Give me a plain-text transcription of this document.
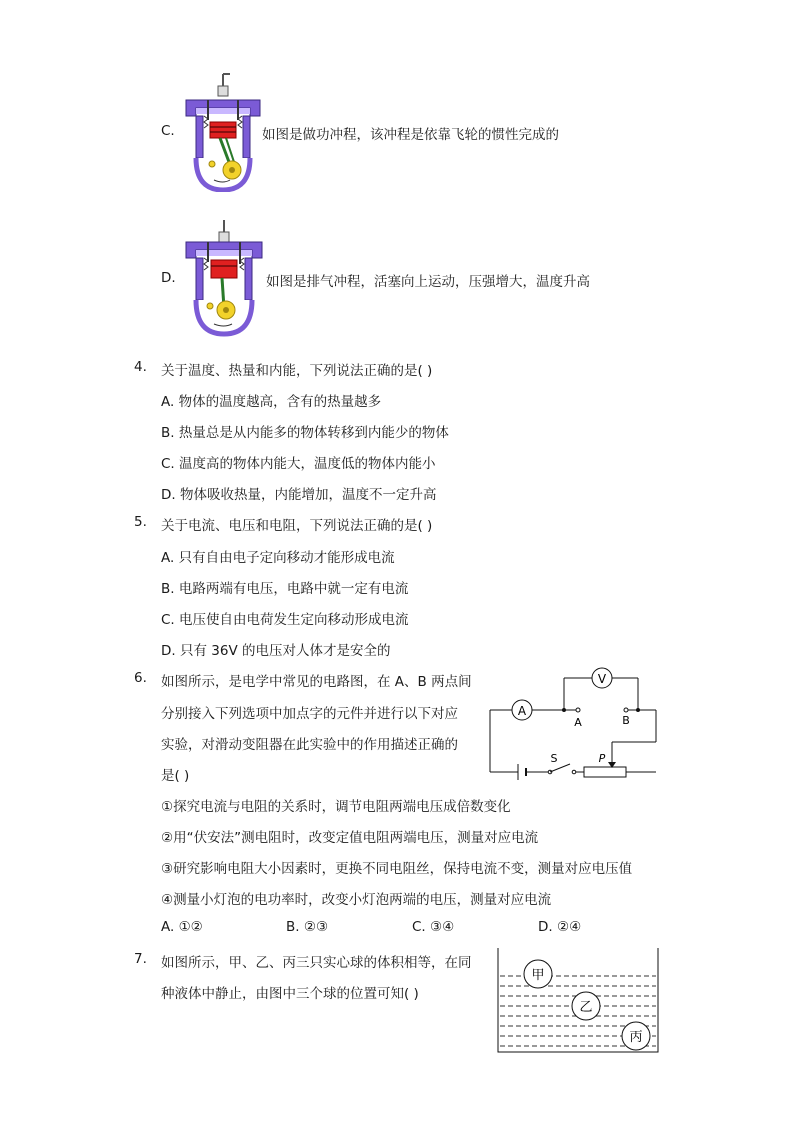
C.	如图是做功冲程，该冲程是依靠飞轮的惯性完成的
D.	如图是排气冲程，活塞向上运动，压强增大，温度升高
4. 关于温度、热量和内能，下列说法正确的是( )
A. 物体的温度越高，含有的热量越多
B. 热量总是从内能多的物体转移到内能少的物体
C. 温度高的物体内能大，温度低的物体内能小
D. 物体吸收热量，内能增加，温度不一定升高
5. 关于电流、电压和电阻，下列说法正确的是( )
A. 只有自由电子定向移动才能形成电流
B. 电路两端有电压，电路中就一定有电流
C. 电压使自由电荷发生定向移动形成电流
D. 只有 36V 的电压对人体才是安全的
6. 如图所示，是电学中常见的电路图，在 A、B 两点间
分别接入下列选项中加点字的元件并进行以下对应
实验，对滑动变阻器在此实验中的作用描述正确的
是( )
A
V
A	B
S	P
①探究电流与电阻的关系时，调节电阻两端电压成倍数变化
②用“伏安法”测电阻时，改变定值电阻两端电压，测量对应电流
③研究影响电阻大小因素时，更换不同电阻丝，保持电流不变，测量对应电压值
④测量小灯泡的电功率时，改变小灯泡两端的电压，测量对应电流
A. ①②	B. ②③	C. ③④	D. ②④
7. 如图所示，甲、乙、丙三只实心球的体积相等，在同
种液体中静止，由图中三个球的位置可知( )
甲
乙
丙
